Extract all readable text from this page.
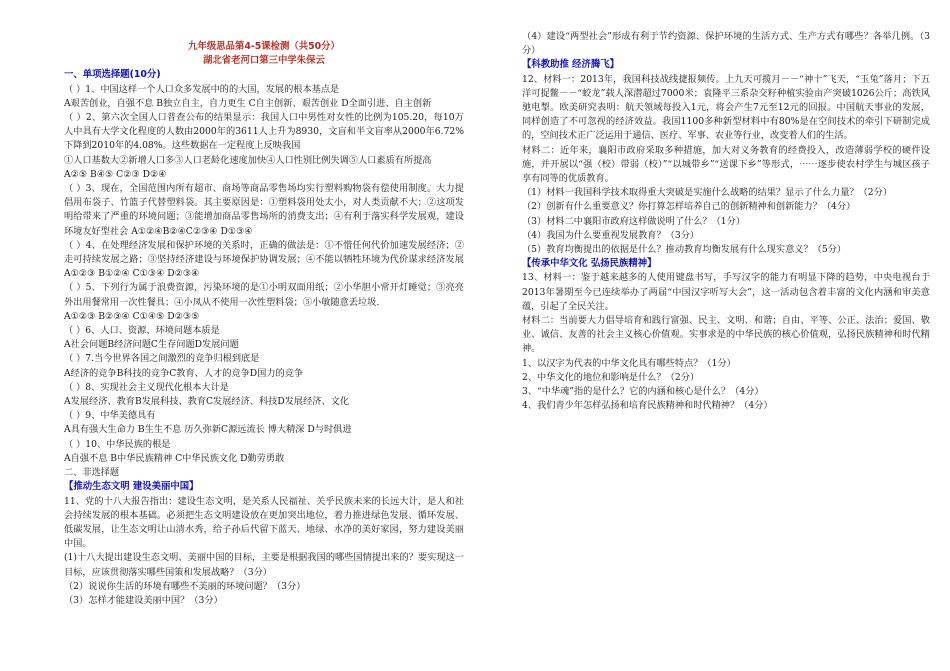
九年级思品第4-5课检测（共50分）
湖北省老河口第三中学朱保云
一、单项选择题(10分)
（ ）1、中国这样一个人口众多发展中的的大国，发展的根本基点是
A艰苦创业，自强不息 B独立自主，自力更生 C自主创新、艰苦创业 D全面引进、自主创新
（ ）2、第六次全国人口普查公布的结果显示：我国人口中男性对女性的比例为105.20，每10万人中具有大学文化程度的人数由2000年的3611人上升为8930，文盲和半文盲率从2000年6.72%下降到2010年的4.08%。这些数据在一定程度上反映我国
①人口基数大②新增人口多③人口老龄化速度加快④人口性别比例失调⑤人口素质有所提高
A②⑤ B④⑤ C②③ D②④
（ ）3、现在，全国范围内所有超市、商场等商品零售场均实行塑料购物袋有偿使用制度。大力提倡用布袋子、竹篮子代替塑料袋。其主要原因是：①塑料袋用处太小，对人类贡献不大；②这项发明给带来了严重的环境问题；③能增加商品零售场所的消费支出；④有利于落实科学发展观，建设环境友好型社会 A①②④B②④C②③④ D①③④
（ ）4、在处理经济发展和保护环境的关系时，正确的做法是：①不惜任何代价加速发展经济；②走可持续发展之路；③坚持经济建设与环境保护协调发展；④不能以牺牲环境为代价谋求经济发展 A①②③ B①②④ C①③④ D②③④
（ ）5、下列行为属于浪费资源，污染环境的是①小明双面用纸；②小华胆小常开灯睡觉；③亮亮外出用餐常用一次性餐具；④小凤从不使用一次性塑料袋；⑤小敏随意丢垃圾.
A①②③ B②③④ C①④⑤ D②③⑤
（ ）6、人口、资源、环境问题本质是
A社会问题B经济问题C生存问题D发展问题
（ ）7.当今世界各国之间激烈的竞争归根到底是
A经济的竞争B科技的竞争C教育、人才的竞争D国力的竞争
（ ）8、实现社会主义现代化根本大计是
A发展经济、教育B发展科技、教育C发展经济、科技D发展经济、文化
（ ）9、中华美德具有
A具有强大生命力 B生生不息 历久弥新C源远流长 博大精深 D与时俱进
（ ）10、中华民族的根是
A自强不息 B中华民族精神 C中华民族文化 D勤劳勇敢
二、非选择题
【推动生态文明 建设美丽中国】
11、党的十八大报告指出：建设生态文明，是关系人民福祉、关乎民族未来的长远大计，是人和社会持续发展的根本基础。必须把生态文明建设放在更加突出地位，着力推进绿色发展、循环发展、低碳发展，让生态文明让山清水秀，给子孙后代留下蓝天、地绿、水净的美好家园，努力建设美丽中国。
(1)十八大提出建设生态文明、美丽中国的目标，主要是根据我国的哪些国情提出来的？要实现这一目标，应该贯彻落实哪些国策和发展战略？（3分）
（2）说说你生活的环境有哪些不美丽的环境问题？（3分）
（3）怎样才能建设美丽中国？（3分）
（4）建设“两型社会”形成有利于节约资源、保护环境的生活方式、生产方式有哪些？各举几例。（3分）
【科教助推 经济腾飞】
12、材料一：2013年，我国科技战线捷报频传。上九天可揽月－－“神十”飞天，“玉兔”落月；下五洋可捉鳖－－“蛟龙”载人深潜超过7000米；袁隆平三系杂交籽种植实验亩产突破1026公斤；高铁风驰电掣。欧美研究表明：航天领域每投入1元，将会产生7元至12元的回报。中国航天事业的发展，同样创造了不可忽视的经济效益。我国1100多种新型材料中有80%是在空间技术的牵引下研制完成的，空间技术正广泛运用于通信、医疗、军事、农业等行业，改变着人们的生活。
材料二：近年来，襄阳市政府采取多种措施，加大对义务教育的经费投入，改造薄弱学校的硬件设施，并开展以“强（校）带弱（校）”“以城带乡”“送课下乡”等形式，⋯⋯逐步使农村学生与城区孩子享有同等的优质教育。
（1）材料一我国科学技术取得重大突破是实施什么战略的结果？显示了什么力量？（2分）
（2）创新有什么重要意义？你打算怎样培养自己的创新精神和创新能力？（4分）
（3）材料二中襄阳市政府这样做说明了什么？（1分）
（4）我国为什么要重视发展教育？（3分）
（5）教育均衡提出的依据是什么？推动教育均衡发展有什么现实意义？（5分）
【传承中华文化 弘扬民族精神】
13、材料一：鉴于越来越多的人使用键盘书写，手写汉字的能力有明显下降的趋势，中央电视台于2013年暑期至今已连续举办了两届“中国汉字听写大会”，这一活动包含着丰富的文化内涵和审美意蕴，引起了全民关注。
材料二：当前要大力倡导培育和践行富强、民主、文明、和谐；自由、平等、公正、法治；爱国、敬业、诚信、友善的社会主义核心价值观。实事求是的中华民族的核心价值观，弘扬民族精神和时代精神。
1、以汉字为代表的中华文化具有哪些特点？（1分）
2、中华文化的地位和影响是什么？（2分）
3、“中华魂”指的是什么？它的内涵和核心是什么？（4分）
4、我们青少年怎样弘扬和培育民族精神和时代精神？（4分）
